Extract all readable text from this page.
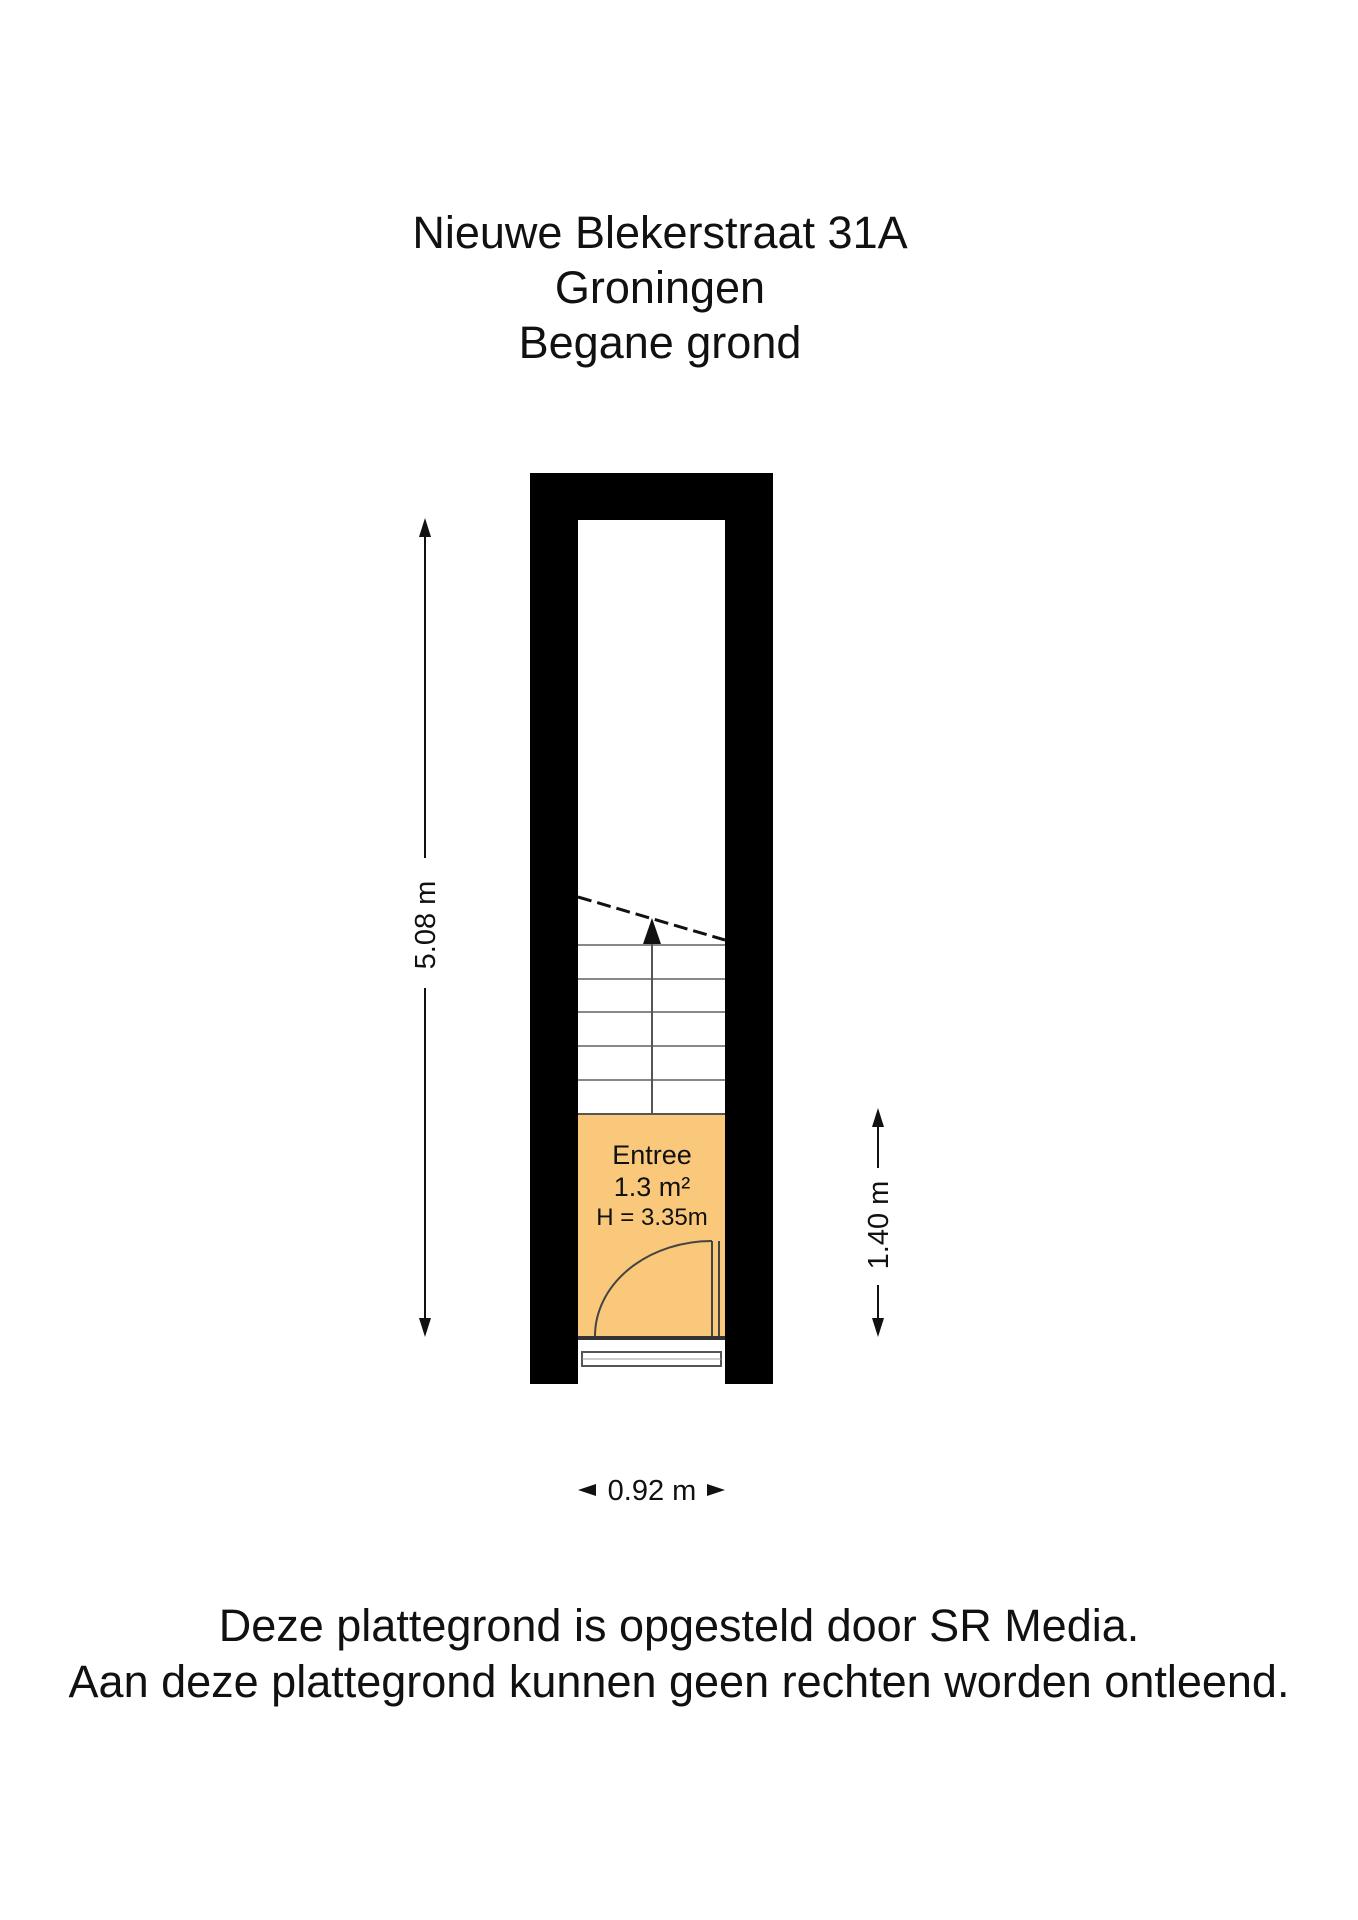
Nieuwe Blekerstraat 31A
Groningen
Begane grond
Entree
1.3 m²
H = 3.35m
5.08 m
1.40 m
0.92 m
Deze plattegrond is opgesteld door SR Media.
Aan deze plattegrond kunnen geen rechten worden ontleend.
